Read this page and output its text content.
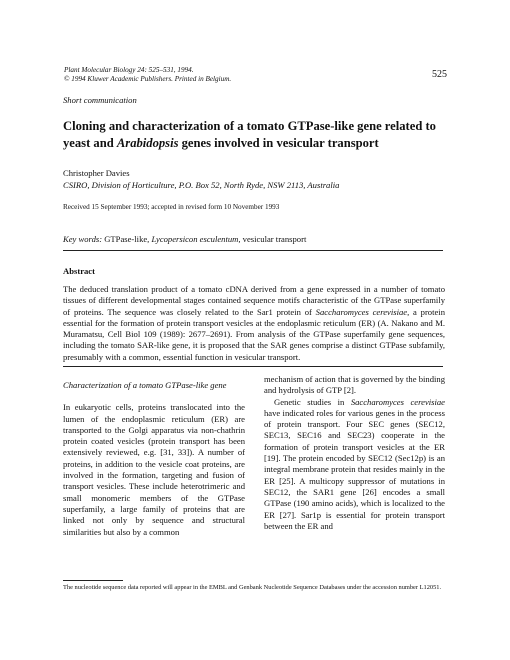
Plant Molecular Biology 24: 525–531, 1994.
© 1994 Kluwer Academic Publishers. Printed in Belgium.	525
Short communication
Cloning and characterization of a tomato GTPase-like gene related to yeast and Arabidopsis genes involved in vesicular transport
Christopher Davies
CSIRO, Division of Horticulture, P.O. Box 52, North Ryde, NSW 2113, Australia
Received 15 September 1993; accepted in revised form 10 November 1993
Key words: GTPase-like, Lycopersicon esculentum, vesicular transport
Abstract
The deduced translation product of a tomato cDNA derived from a gene expressed in a number of tomato tissues of different developmental stages contained sequence motifs characteristic of the GTPase superfamily of proteins. The sequence was closely related to the Sar1 protein of Saccharomyces cerevisiae, a protein essential for the formation of protein transport vesicles at the endoplasmic reticulum (ER) (A. Nakano and M. Muramatsu, Cell Biol 109 (1989): 2677–2691). From analysis of the GTPase superfamily gene sequences, including the tomato SAR-like gene, it is proposed that the SAR genes comprise a distinct GTPase subfamily, presumably with a common, essential function in vesicular transport.
Characterization of a tomato GTPase-like gene

In eukaryotic cells, proteins translocated into the lumen of the endoplasmic reticulum (ER) are transported to the Golgi apparatus via non-chathrin protein coated vesicles (protein transport has been extensively reviewed, e.g. [31, 33]). A number of proteins, in addition to the vesicle coat proteins, are involved in the formation, targeting and fusion of transport vesicles. These include heterotrimeric and small monomeric members of the GTPase superfamily, a large family of proteins that are linked not only by sequence and structural similarities but also by a common

mechanism of action that is governed by the binding and hydrolysis of GTP [2].

Genetic studies in Saccharomyces cerevisiae have indicated roles for various genes in the process of protein transport. Four SEC genes (SEC12, SEC13, SEC16 and SEC23) cooperate in the formation of protein transport vesicles at the ER [19]. The protein encoded by SEC12 (Sec12p) is an integral membrane protein that resides mainly in the ER [25]. A multicopy suppressor of mutations in SEC12, the SAR1 gene [26] encodes a small GTPase (190 amino acids), which is localized to the ER [27]. Sar1p is essential for protein transport between the ER and

The nucleotide sequence data reported will appear in the EMBL and Genbank Nucleotide Sequence Databases under the accession number L12051.
